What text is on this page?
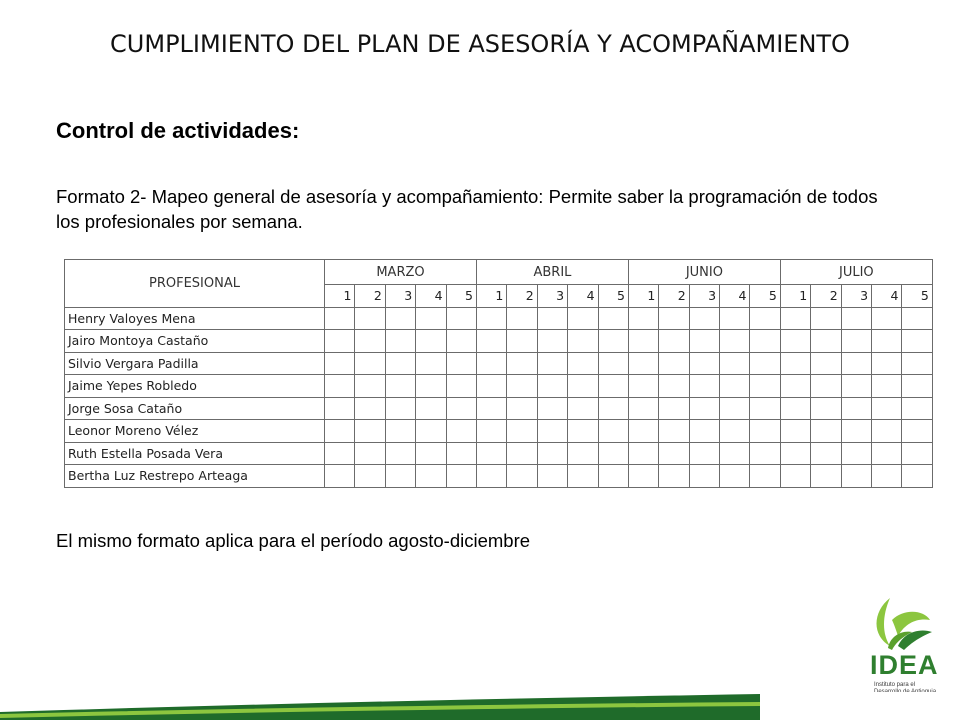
CUMPLIMIENTO DEL PLAN DE ASESORÍA Y ACOMPAÑAMIENTO
Control de actividades:
Formato 2- Mapeo general de asesoría y acompañamiento: Permite saber la programación de todos los profesionales por semana.
PROFESIONAL	MARZO					ABRIL					JUNIO					JULIO				
	1	2	3	4	5	1	2	3	4	5	1	2	3	4	5	1	2	3	4	5
Henry Valoyes Mena																				
Jairo Montoya Castaño																				
Silvio Vergara Padilla																				
Jaime Yepes Robledo																				
Jorge Sosa Cataño																				
Leonor Moreno Vélez																				
Ruth Estella Posada Vera																				
Bertha Luz Restrepo Arteaga																				
El mismo formato aplica para el período agosto-diciembre
IDEA
Instituto para el
